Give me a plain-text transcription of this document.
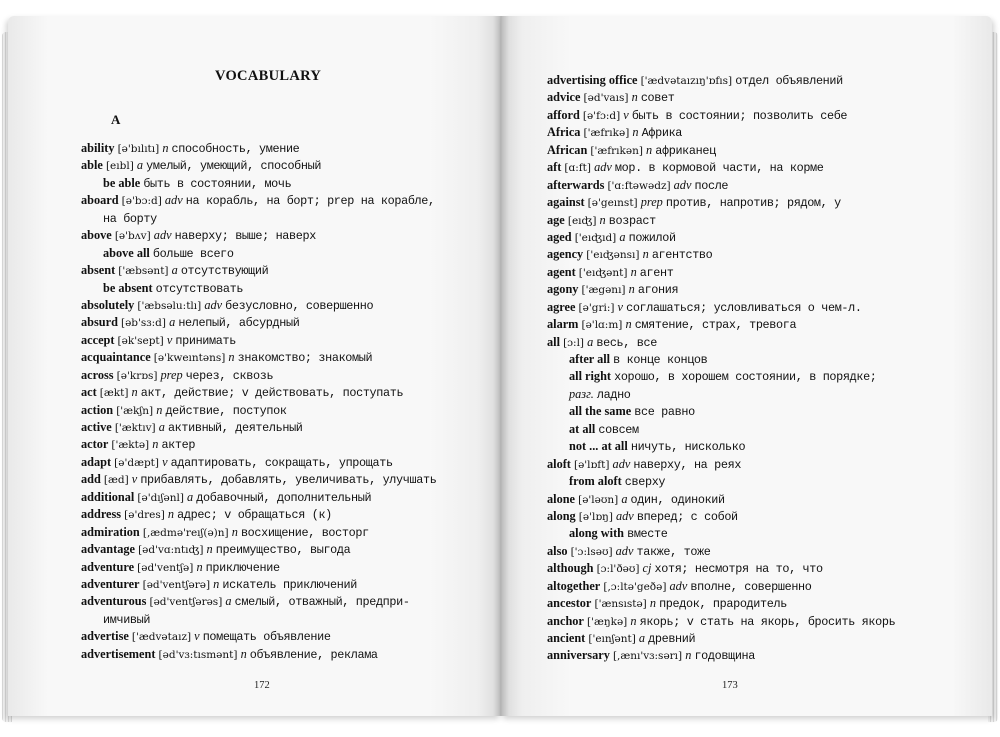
VOCABULARY
A
ability [ə'bılıtı] n способность, умение
able [eıbl] a умелый, умеющий, способный
be able быть в состоянии, мочь
aboard [ə'bɔ:d] adv на корабль, на борт; prep на корабле,
на борту
above [ə'bʌv] adv наверху; выше; наверх
above all больше всего
absent ['æbsənt] a отсутствующий
be absent отсутствовать
absolutely ['æbsəlu:tlı] adv безусловно, совершенно
absurd [əb'sɜ:d] a нелепый, абсурдный
accept [ək'sept] v принимать
acquaintance [ə'kweıntəns] n знакомство; знакомый
across [ə'krɒs] prep через, сквозь
act [ækt] n акт, действие; v действовать, поступать
action ['ækʃn] n действие, поступок
active ['æktıv] a активный, деятельный
actor ['æktə] n актер
adapt [ə'dæpt] v адаптировать, сокращать, упрощать
add [æd] v прибавлять, добавлять, увеличивать, улучшать
additional [ə'dıʃənl] a добавочный, дополнительный
address [ə'dres] n адрес; v обращаться (к)
admiration [,ædmə'reıʃ(ə)n] n восхищение, восторг
advantage [əd'vɑ:ntıʤ] n преимущество, выгода
adventure [əd'ventʃə] n приключение
adventurer [əd'ventʃərə] n искатель приключений
adventurous [əd'ventʃərəs] a смелый, отважный, предпри-
имчивый
advertise ['ædvətaız] v помещать объявление
advertisement [əd'vɜ:tısmənt] n объявление, реклама
172
advertising office ['ædvətaızıŋ'ɒfıs] отдел объявлений
advice [əd'vaıs] n совет
afford [ə'fɔ:d] v быть в состоянии; позволить себе
Africa ['æfrıkə] n Африка
African ['æfrıkən] n африканец
aft [ɑ:ft] adv мор. в кормовой части, на корме
afterwards ['ɑ:ftəwədz] adv после
against [ə'geınst] prep против, напротив; рядом, у
age [eıʤ] n возраст
aged ['eıʤıd] a пожилой
agency ['eıʤənsı] n агентство
agent ['eıʤənt] n агент
agony ['ægənı] n агония
agree [ə'gri:] v соглашаться; условливаться о чем-л.
alarm [ə'lɑ:m] n смятение, страх, тревога
all [ɔ:l] a весь, все
after all в конце концов
all right хорошо, в хорошем состоянии, в порядке;
разг. ладно
all the same все равно
at all совсем
not ... at all ничуть, нисколько
aloft [ə'lɒft] adv наверху, на реях
from aloft сверху
alone [ə'ləʊn] a один, одинокий
along [ə'lɒŋ] adv вперед; с собой
along with вместе
also ['ɔ:lsəʊ] adv также, тоже
although [ɔ:l'ðəʊ] cj хотя; несмотря на то, что
altogether [,ɔ:ltə'geðə] adv вполне, совершенно
ancestor ['ænsıstə] n предок, прародитель
anchor ['æŋkə] n якорь; v стать на якорь, бросить якорь
ancient ['eınʃənt] a древний
anniversary [,ænı'vɜ:sərı] n годовщина
173
